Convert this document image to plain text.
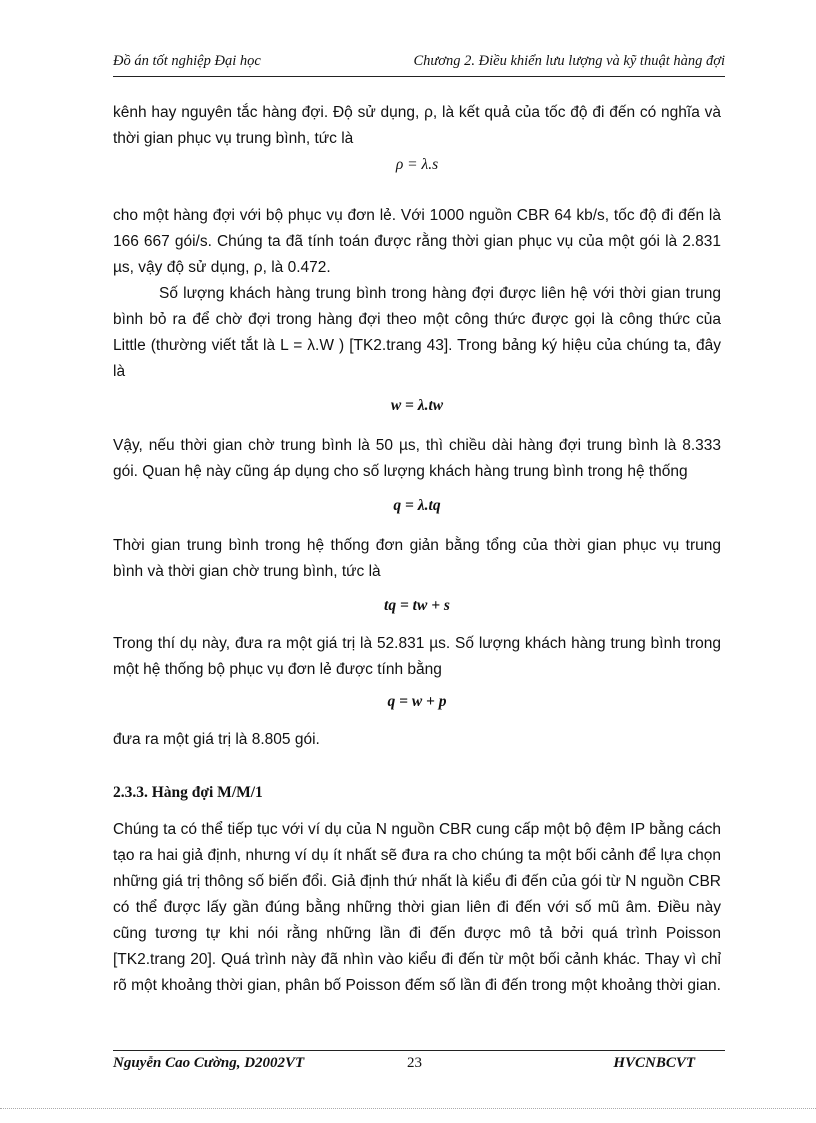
Đồ án tốt nghiệp Đại học	Chương 2. Điều khiển lưu lượng và kỹ thuật hàng đợi

kênh hay nguyên tắc hàng đợi. Độ sử dụng, ρ, là kết quả của tốc độ đi đến có nghĩa và thời gian phục vụ trung bình, tức là

ρ = λ.s

cho một hàng đợi với bộ phục vụ đơn lẻ. Với 1000 nguồn CBR 64 kb/s, tốc độ đi đến là 166 667 gói/s. Chúng ta đã tính toán được rằng thời gian phục vụ của một gói là 2.831 µs, vậy độ sử dụng, ρ, là 0.472.

Số lượng khách hàng trung bình trong hàng đợi được liên hệ với thời gian trung bình bỏ ra để chờ đợi trong hàng đợi theo một công thức được gọi là công thức của Little (thường viết tắt là L = λ.W ) [TK2.trang 43]. Trong bảng ký hiệu của chúng ta, đây là

w = λ.tw

Vậy, nếu thời gian chờ trung bình là 50 µs, thì chiều dài hàng đợi trung bình là 8.333 gói. Quan hệ này cũng áp dụng cho số lượng khách hàng trung bình trong hệ thống

q = λ.tq

Thời gian trung bình trong hệ thống đơn giản bằng tổng của thời gian phục vụ trung bình và thời gian chờ trung bình, tức là

tq = tw + s

Trong thí dụ này, đưa ra một giá trị là 52.831 µs. Số lượng khách hàng trung bình trong một hệ thống bộ phục vụ đơn lẻ được tính bằng

q = w + p

đưa ra một giá trị là 8.805 gói.

2.3.3. Hàng đợi M/M/1

Chúng ta có thể tiếp tục với ví dụ của N nguồn CBR cung cấp một bộ đệm IP bằng cách tạo ra hai giả định, nhưng ví dụ ít nhất sẽ đưa ra cho chúng ta một bối cảnh để lựa chọn những giá trị thông số biến đổi. Giả định thứ nhất là kiểu đi đến của gói từ N nguồn CBR có thể được lấy gần đúng bằng những thời gian liên đi đến với số mũ âm. Điều này cũng tương tự khi nói rằng những lần đi đến được mô tả bởi quá trình Poisson [TK2.trang 20]. Quá trình này đã nhìn vào kiểu đi đến từ một bối cảnh khác. Thay vì chỉ rõ một khoảng thời gian, phân bố Poisson đếm số lần đi đến trong một khoảng thời gian.

Nguyễn Cao Cường, D2002VT	23	HVCNBCVT
